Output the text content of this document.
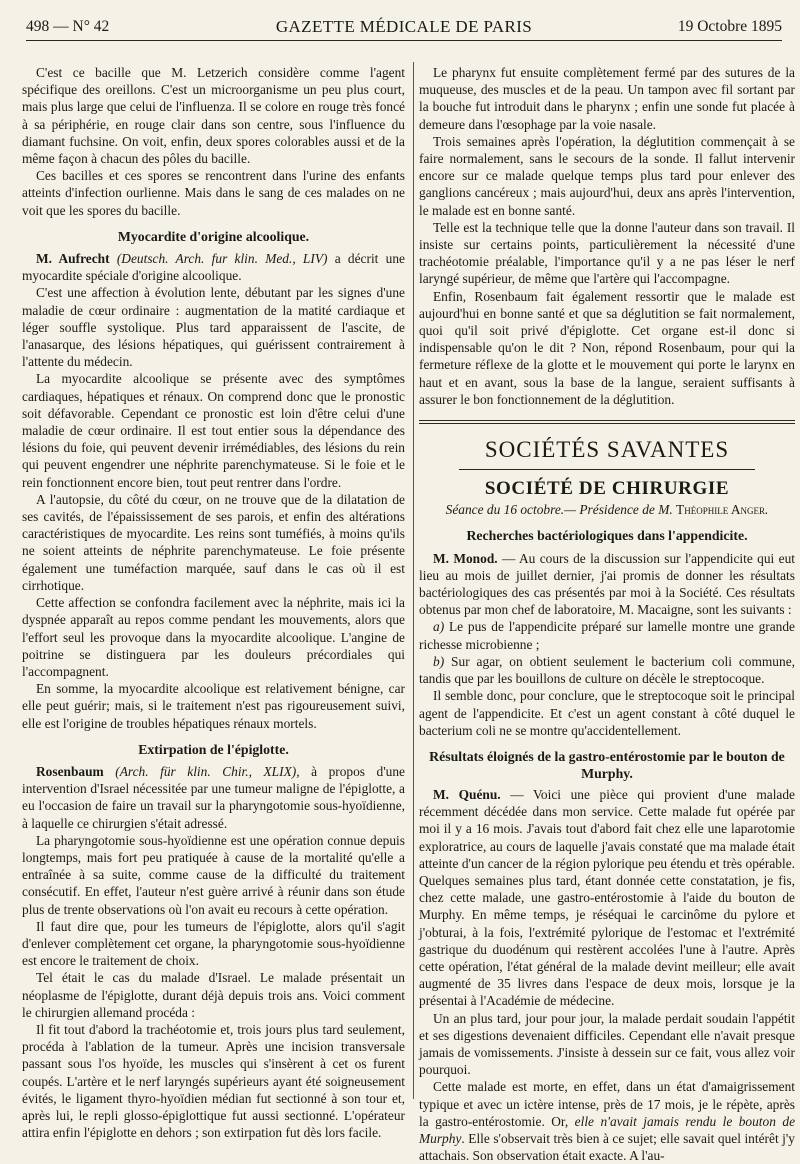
498 — N° 42	GAZETTE MÉDICALE DE PARIS	19 Octobre 1895

C'est ce bacille que M. Letzerich considère comme l'agent spécifique des oreillons. C'est un microorganisme un peu plus court, mais plus large que celui de l'influenza. Il se colore en rouge très foncé à sa périphérie, en rouge clair dans son centre, sous l'influence du diamant fuchsine. On voit, enfin, deux spores colorables aussi et de la même façon à chacun des pôles du bacille.

Ces bacilles et ces spores se rencontrent dans l'urine des enfants atteints d'infection ourlienne. Mais dans le sang de ces malades on ne voit que les spores du bacille.

Myocardite d'origine alcoolique.

M. Aufrecht (Deutsch. Arch. fur klin. Med., LIV) a décrit une myocardite spéciale d'origine alcoolique.

C'est une affection à évolution lente, débutant par les signes d'une maladie de cœur ordinaire : augmentation de la matité cardiaque et léger souffle systolique. Plus tard apparaissent de l'ascite, de l'anasarque, des lésions hépatiques, qui guérissent contrairement à l'attente du médecin.

La myocardite alcoolique se présente avec des symptômes cardiaques, hépatiques et rénaux. On comprend donc que le pronostic soit défavorable. Cependant ce pronostic est loin d'être celui d'une maladie de cœur ordinaire. Il est tout entier sous la dépendance des lésions du foie, qui peuvent devenir irrémédiables, des lésions du rein qui peuvent engendrer une néphrite parenchymateuse. Si le foie et le rein fonctionnent encore bien, tout peut rentrer dans l'ordre.

A l'autopsie, du côté du cœur, on ne trouve que de la dilatation de ses cavités, de l'épaississement de ses parois, et enfin des altérations caractéristiques de myocardite. Les reins sont tuméfiés, à moins qu'ils ne soient atteints de néphrite parenchymateuse. Le foie présente également une tuméfaction marquée, sauf dans le cas où il est cirrhotique.

Cette affection se confondra facilement avec la néphrite, mais ici la dyspnée apparaît au repos comme pendant les mouvements, alors que l'effort seul les provoque dans la myocardite alcoolique. L'angine de poitrine se distinguera par les douleurs précordiales qui l'accompagnent.

En somme, la myocardite alcoolique est relativement bénigne, car elle peut guérir; mais, si le traitement n'est pas rigoureusement suivi, elle est l'origine de troubles hépatiques rénaux mortels.

Extirpation de l'épiglotte.

Rosenbaum (Arch. für klin. Chir., XLIX), à propos d'une intervention d'Israel nécessitée par une tumeur maligne de l'épiglotte, a eu l'occasion de faire un travail sur la pharyngotomie sous-hyoïdienne, à laquelle ce chirurgien s'était adressé.

La pharyngotomie sous-hyoïdienne est une opération connue depuis longtemps, mais fort peu pratiquée à cause de la mortalité qu'elle a entraînée à sa suite, comme cause de la difficulté du traitement consécutif. En effet, l'auteur n'est guère arrivé à réunir dans son étude plus de trente observations où l'on avait eu recours à cette opération.

Il faut dire que, pour les tumeurs de l'épiglotte, alors qu'il s'agit d'enlever complètement cet organe, la pharyngotomie sous-hyoïdienne est encore le traitement de choix.

Tel était le cas du malade d'Israel. Le malade présentait un néoplasme de l'épiglotte, durant déjà depuis trois ans. Voici comment le chirurgien allemand procéda :

Il fit tout d'abord la trachéotomie et, trois jours plus tard seulement, procéda à l'ablation de la tumeur. Après une incision transversale passant sous l'os hyoïde, les muscles qui s'insèrent à cet os furent coupés. L'artère et le nerf laryngés supérieurs ayant été soigneusement évités, le ligament thyro-hyoïdien médian fut sectionné à son tour et, après lui, le repli glosso-épiglottique fut aussi sectionné. L'opérateur attira enfin l'épiglotte en dehors ; son extirpation fut dès lors facile.

Le pharynx fut ensuite complètement fermé par des sutures de la muqueuse, des muscles et de la peau. Un tampon avec fil sortant par la bouche fut introduit dans le pharynx ; enfin une sonde fut placée à demeure dans l'œsophage par la voie nasale.

Trois semaines après l'opération, la déglutition commençait à se faire normalement, sans le secours de la sonde. Il fallut intervenir encore sur ce malade quelque temps plus tard pour enlever des ganglions cancéreux ; mais aujourd'hui, deux ans après l'intervention, le malade est en bonne santé.

Telle est la technique telle que la donne l'auteur dans son travail. Il insiste sur certains points, particulièrement la nécessité d'une trachéotomie préalable, l'importance qu'il y a ne pas léser le nerf laryngé supérieur, de même que l'artère qui l'accompagne.

Enfin, Rosenbaum fait également ressortir que le malade est aujourd'hui en bonne santé et que sa déglutition se fait normalement, quoi qu'il soit privé d'épiglotte. Cet organe est-il donc si indispensable qu'on le dit ? Non, répond Rosenbaum, pour qui la fermeture réflexe de la glotte et le mouvement qui porte le larynx en haut et en avant, sous la base de la langue, seraient suffisants à assurer le bon fonctionnement de la déglutition.

SOCIÉTÉS SAVANTES
SOCIÉTÉ DE CHIRURGIE
Séance du 16 octobre.— Présidence de M. Théophile Anger.
Recherches bactériologiques dans l'appendicite.

M. Monod. — Au cours de la discussion sur l'appendicite qui eut lieu au mois de juillet dernier, j'ai promis de donner les résultats bactériologiques des cas présentés par moi à la Société. Ces résultats obtenus par mon chef de laboratoire, M. Macaigne, sont les suivants :

a) Le pus de l'appendicite préparé sur lamelle montre une grande richesse microbienne ;

b) Sur agar, on obtient seulement le bacterium coli commune, tandis que par les bouillons de culture on décèle le streptocoque.

Il semble donc, pour conclure, que le streptocoque soit le principal agent de l'appendicite. Et c'est un agent constant à côté duquel le bacterium coli ne se montre qu'accidentellement.

Résultats éloignés de la gastro-entérostomie par le bouton de Murphy.

M. Quénu. — Voici une pièce qui provient d'une malade récemment décédée dans mon service. Cette malade fut opérée par moi il y a 16 mois. J'avais tout d'abord fait chez elle une laparotomie exploratrice, au cours de laquelle j'avais constaté que ma malade était atteinte d'un cancer de la région pylorique peu étendu et très opérable. Quelques semaines plus tard, étant donnée cette constatation, je fis, chez cette malade, une gastro-entérostomie à l'aide du bouton de Murphy. En même temps, je réséquai le carcinôme du pylore et j'obturai, à la fois, l'extrémité pylorique de l'estomac et l'extrémité gastrique du duodénum qui restèrent accolées l'une à l'autre. Après cette opération, l'état général de la malade devint meilleur; elle avait augmenté de 35 livres dans l'espace de deux mois, lorsque je la présentai à l'Académie de médecine.

Un an plus tard, jour pour jour, la malade perdait soudain l'appétit et ses digestions devenaient difficiles. Cependant elle n'avait presque jamais de vomissements. J'insiste à dessein sur ce fait, vous allez voir pourquoi.

Cette malade est morte, en effet, dans un état d'amaigrissement typique et avec un ictère intense, près de 17 mois, je le répète, après la gastro-entérostomie. Or, elle n'avait jamais rendu le bouton de Murphy. Elle s'observait très bien à ce sujet; elle savait quel intérêt j'y attachais. Son observation était exacte. A l'au-
